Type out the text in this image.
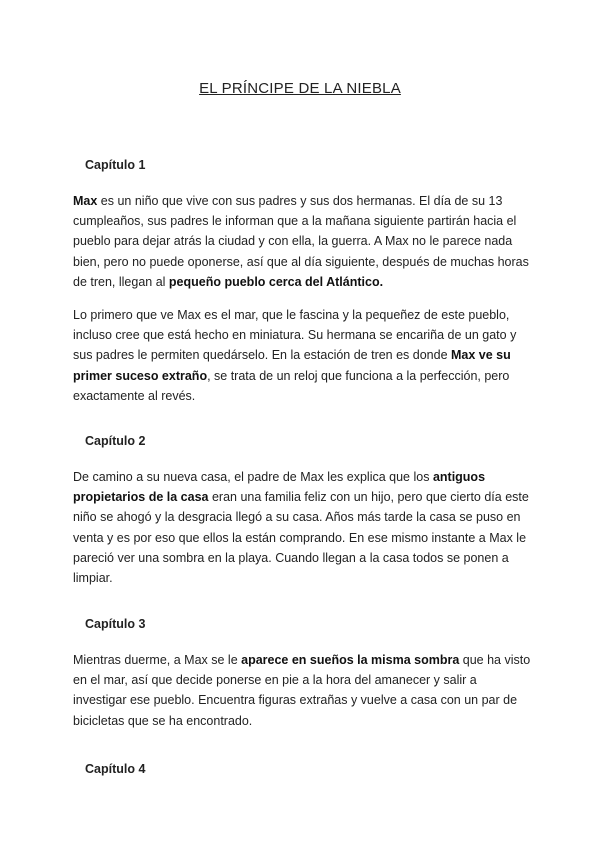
EL PRÍNCIPE DE LA NIEBLA
Capítulo 1
Max es un niño que vive con sus padres y sus dos hermanas. El día de su 13 cumpleaños, sus padres le informan que a la mañana siguiente partirán hacia el pueblo para dejar atrás la ciudad y con ella, la guerra. A Max no le parece nada bien, pero no puede oponerse, así que al día siguiente, después de muchas horas de tren, llegan al pequeño pueblo cerca del Atlántico.
Lo primero que ve Max es el mar, que le fascina y la pequeñez de este pueblo, incluso cree que está hecho en miniatura. Su hermana se encariña de un gato y sus padres le permiten quedárselo. En la estación de tren es donde Max ve su primer suceso extraño, se trata de un reloj que funciona a la perfección, pero exactamente al revés.
Capítulo 2
De camino a su nueva casa, el padre de Max les explica que los antiguos propietarios de la casa eran una familia feliz con un hijo, pero que cierto día este niño se ahogó y la desgracia llegó a su casa. Años más tarde la casa se puso en venta y es por eso que ellos la están comprando. En ese mismo instante a Max le pareció ver una sombra en la playa. Cuando llegan a la casa todos se ponen a limpiar.
Capítulo 3
Mientras duerme, a Max se le aparece en sueños la misma sombra que ha visto en el mar, así que decide ponerse en pie a la hora del amanecer y salir a investigar ese pueblo. Encuentra figuras extrañas y vuelve a casa con un par de bicicletas que se ha encontrado.
Capítulo 4
